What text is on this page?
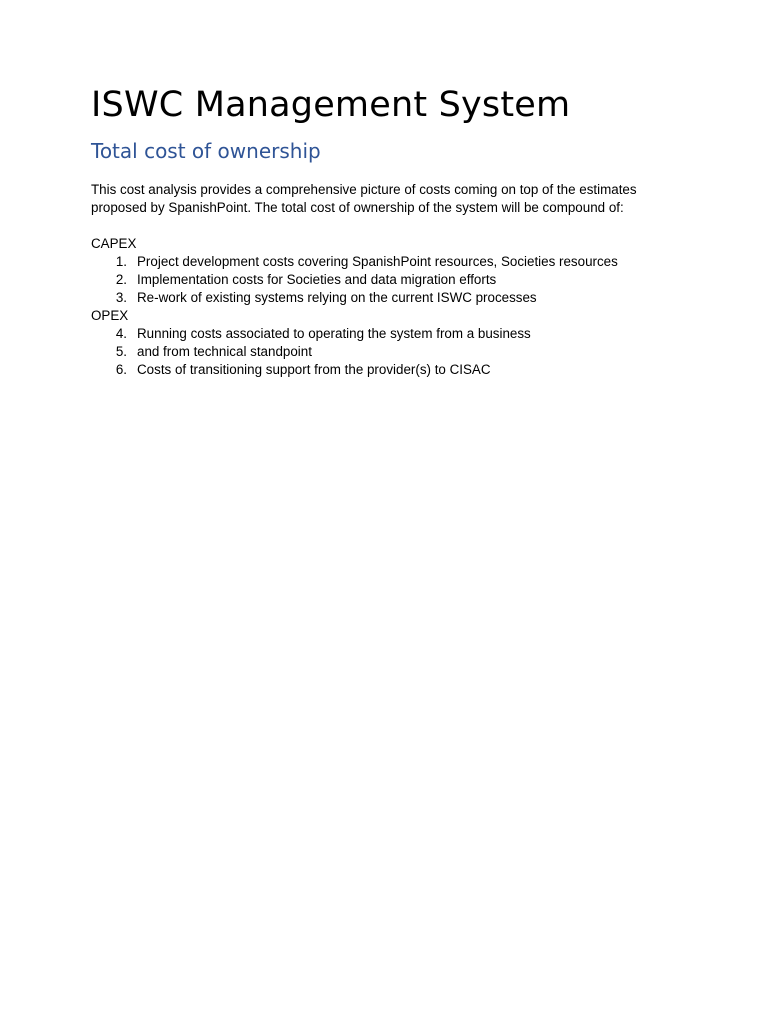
ISWC Management System
Total cost of ownership

This cost analysis provides a comprehensive picture of costs coming on top of the estimates proposed by SpanishPoint. The total cost of ownership of the system will be compound of:

CAPEX
1. Project development costs covering SpanishPoint resources, Societies resources
2. Implementation costs for Societies and data migration efforts
3. Re-work of existing systems relying on the current ISWC processes
OPEX
4. Running costs associated to operating the system from a business
5. and from technical standpoint
6. Costs of transitioning support from the provider(s) to CISAC
